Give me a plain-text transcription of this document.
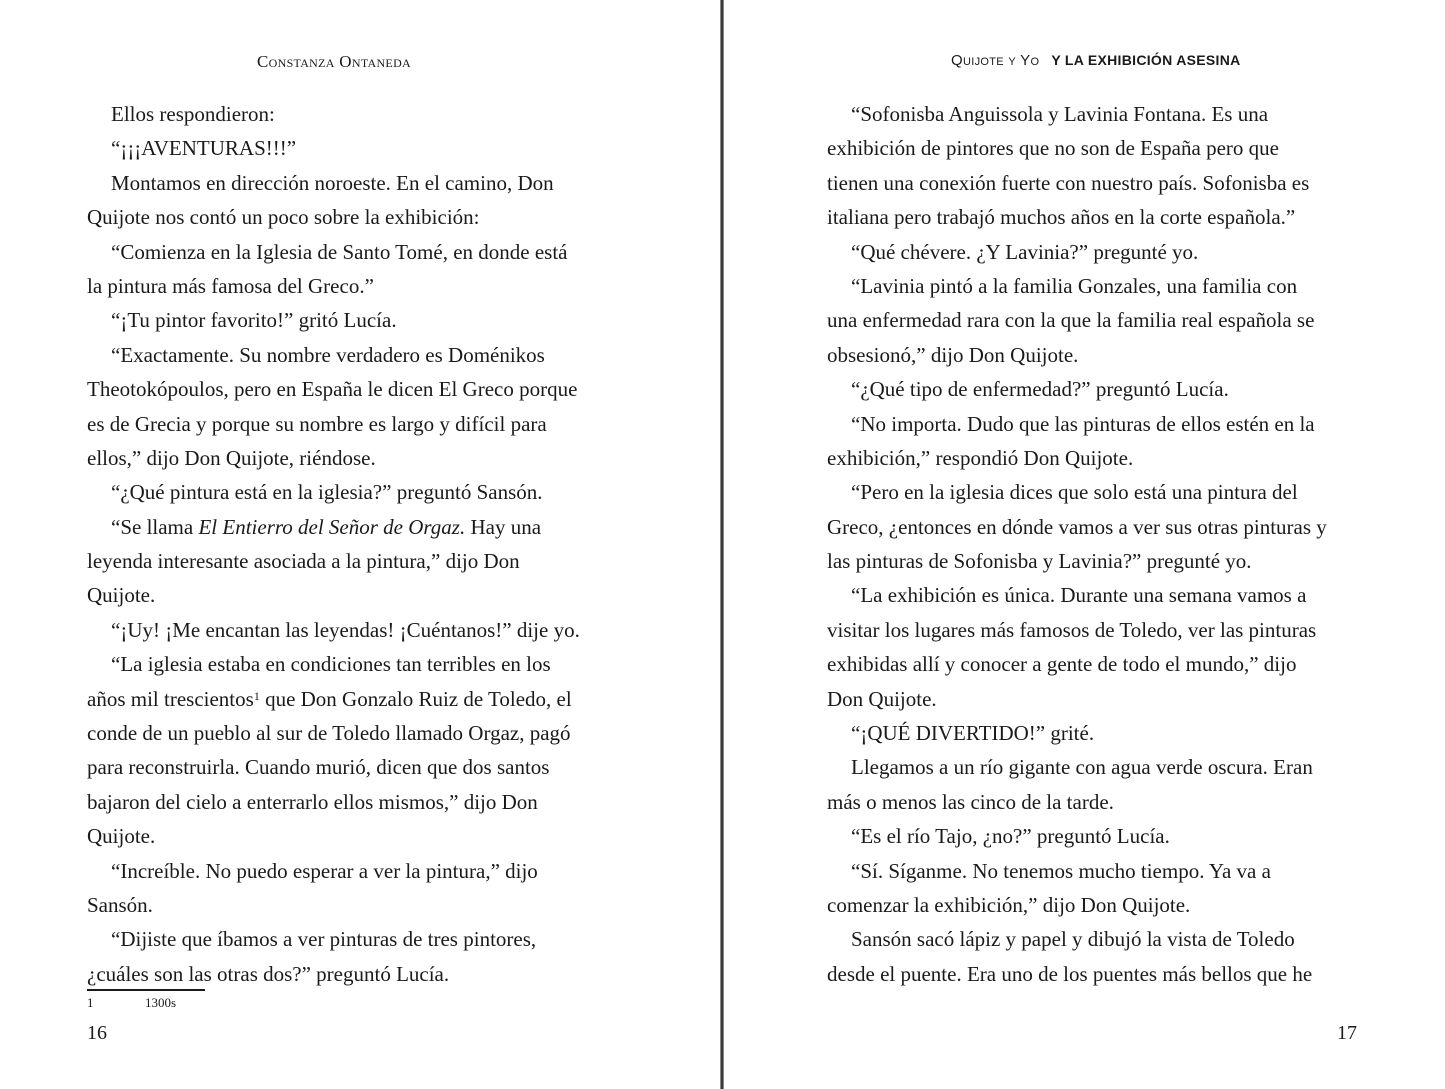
Constanza Ontaneda
Ellos respondieron:
“¡¡¡AVENTURAS!!!”
Montamos en dirección noroeste. En el camino, Don
Quijote nos contó un poco sobre la exhibición:
“Comienza en la Iglesia de Santo Tomé, en donde está
la pintura más famosa del Greco.”
“¡Tu pintor favorito!” gritó Lucía.
“Exactamente. Su nombre verdadero es Doménikos
Theotokópoulos, pero en España le dicen El Greco porque
es de Grecia y porque su nombre es largo y difícil para
ellos,” dijo Don Quijote, riéndose.
“¿Qué pintura está en la iglesia?” preguntó Sansón.
“Se llama El Entierro del Señor de Orgaz. Hay una
leyenda interesante asociada a la pintura,” dijo Don
Quijote.
“¡Uy! ¡Me encantan las leyendas! ¡Cuéntanos!” dije yo.
“La iglesia estaba en condiciones tan terribles en los
años mil trescientos$^1$ que Don Gonzalo Ruiz de Toledo, el
conde de un pueblo al sur de Toledo llamado Orgaz, pagó
para reconstruirla. Cuando murió, dicen que dos santos
bajaron del cielo a enterrarlo ellos mismos,” dijo Don
Quijote.
“Increíble. No puedo esperar a ver la pintura,” dijo
Sansón.
“Dijiste que íbamos a ver pinturas de tres pintores,
¿cuáles son las otras dos?” preguntó Lucía.
1	1300s
16
Quijote y Yo Y LA EXHIBICIÓN ASESINA
“Sofonisba Anguissola y Lavinia Fontana. Es una
exhibición de pintores que no son de España pero que
tienen una conexión fuerte con nuestro país. Sofonisba es
italiana pero trabajó muchos años en la corte española.”
“Qué chévere. ¿Y Lavinia?” pregunté yo.
“Lavinia pintó a la familia Gonzales, una familia con
una enfermedad rara con la que la familia real española se
obsesionó,” dijo Don Quijote.
“¿Qué tipo de enfermedad?” preguntó Lucía.
“No importa. Dudo que las pinturas de ellos estén en la
exhibición,” respondió Don Quijote.
“Pero en la iglesia dices que solo está una pintura del
Greco, ¿entonces en dónde vamos a ver sus otras pinturas y
las pinturas de Sofonisba y Lavinia?” pregunté yo.
“La exhibición es única. Durante una semana vamos a
visitar los lugares más famosos de Toledo, ver las pinturas
exhibidas allí y conocer a gente de todo el mundo,” dijo
Don Quijote.
“¡QUÉ DIVERTIDO!” grité.
Llegamos a un río gigante con agua verde oscura. Eran
más o menos las cinco de la tarde.
“Es el río Tajo, ¿no?” preguntó Lucía.
“Sí. Síganme. No tenemos mucho tiempo. Ya va a
comenzar la exhibición,” dijo Don Quijote.
Sansón sacó lápiz y papel y dibujó la vista de Toledo
desde el puente. Era uno de los puentes más bellos que he
17
